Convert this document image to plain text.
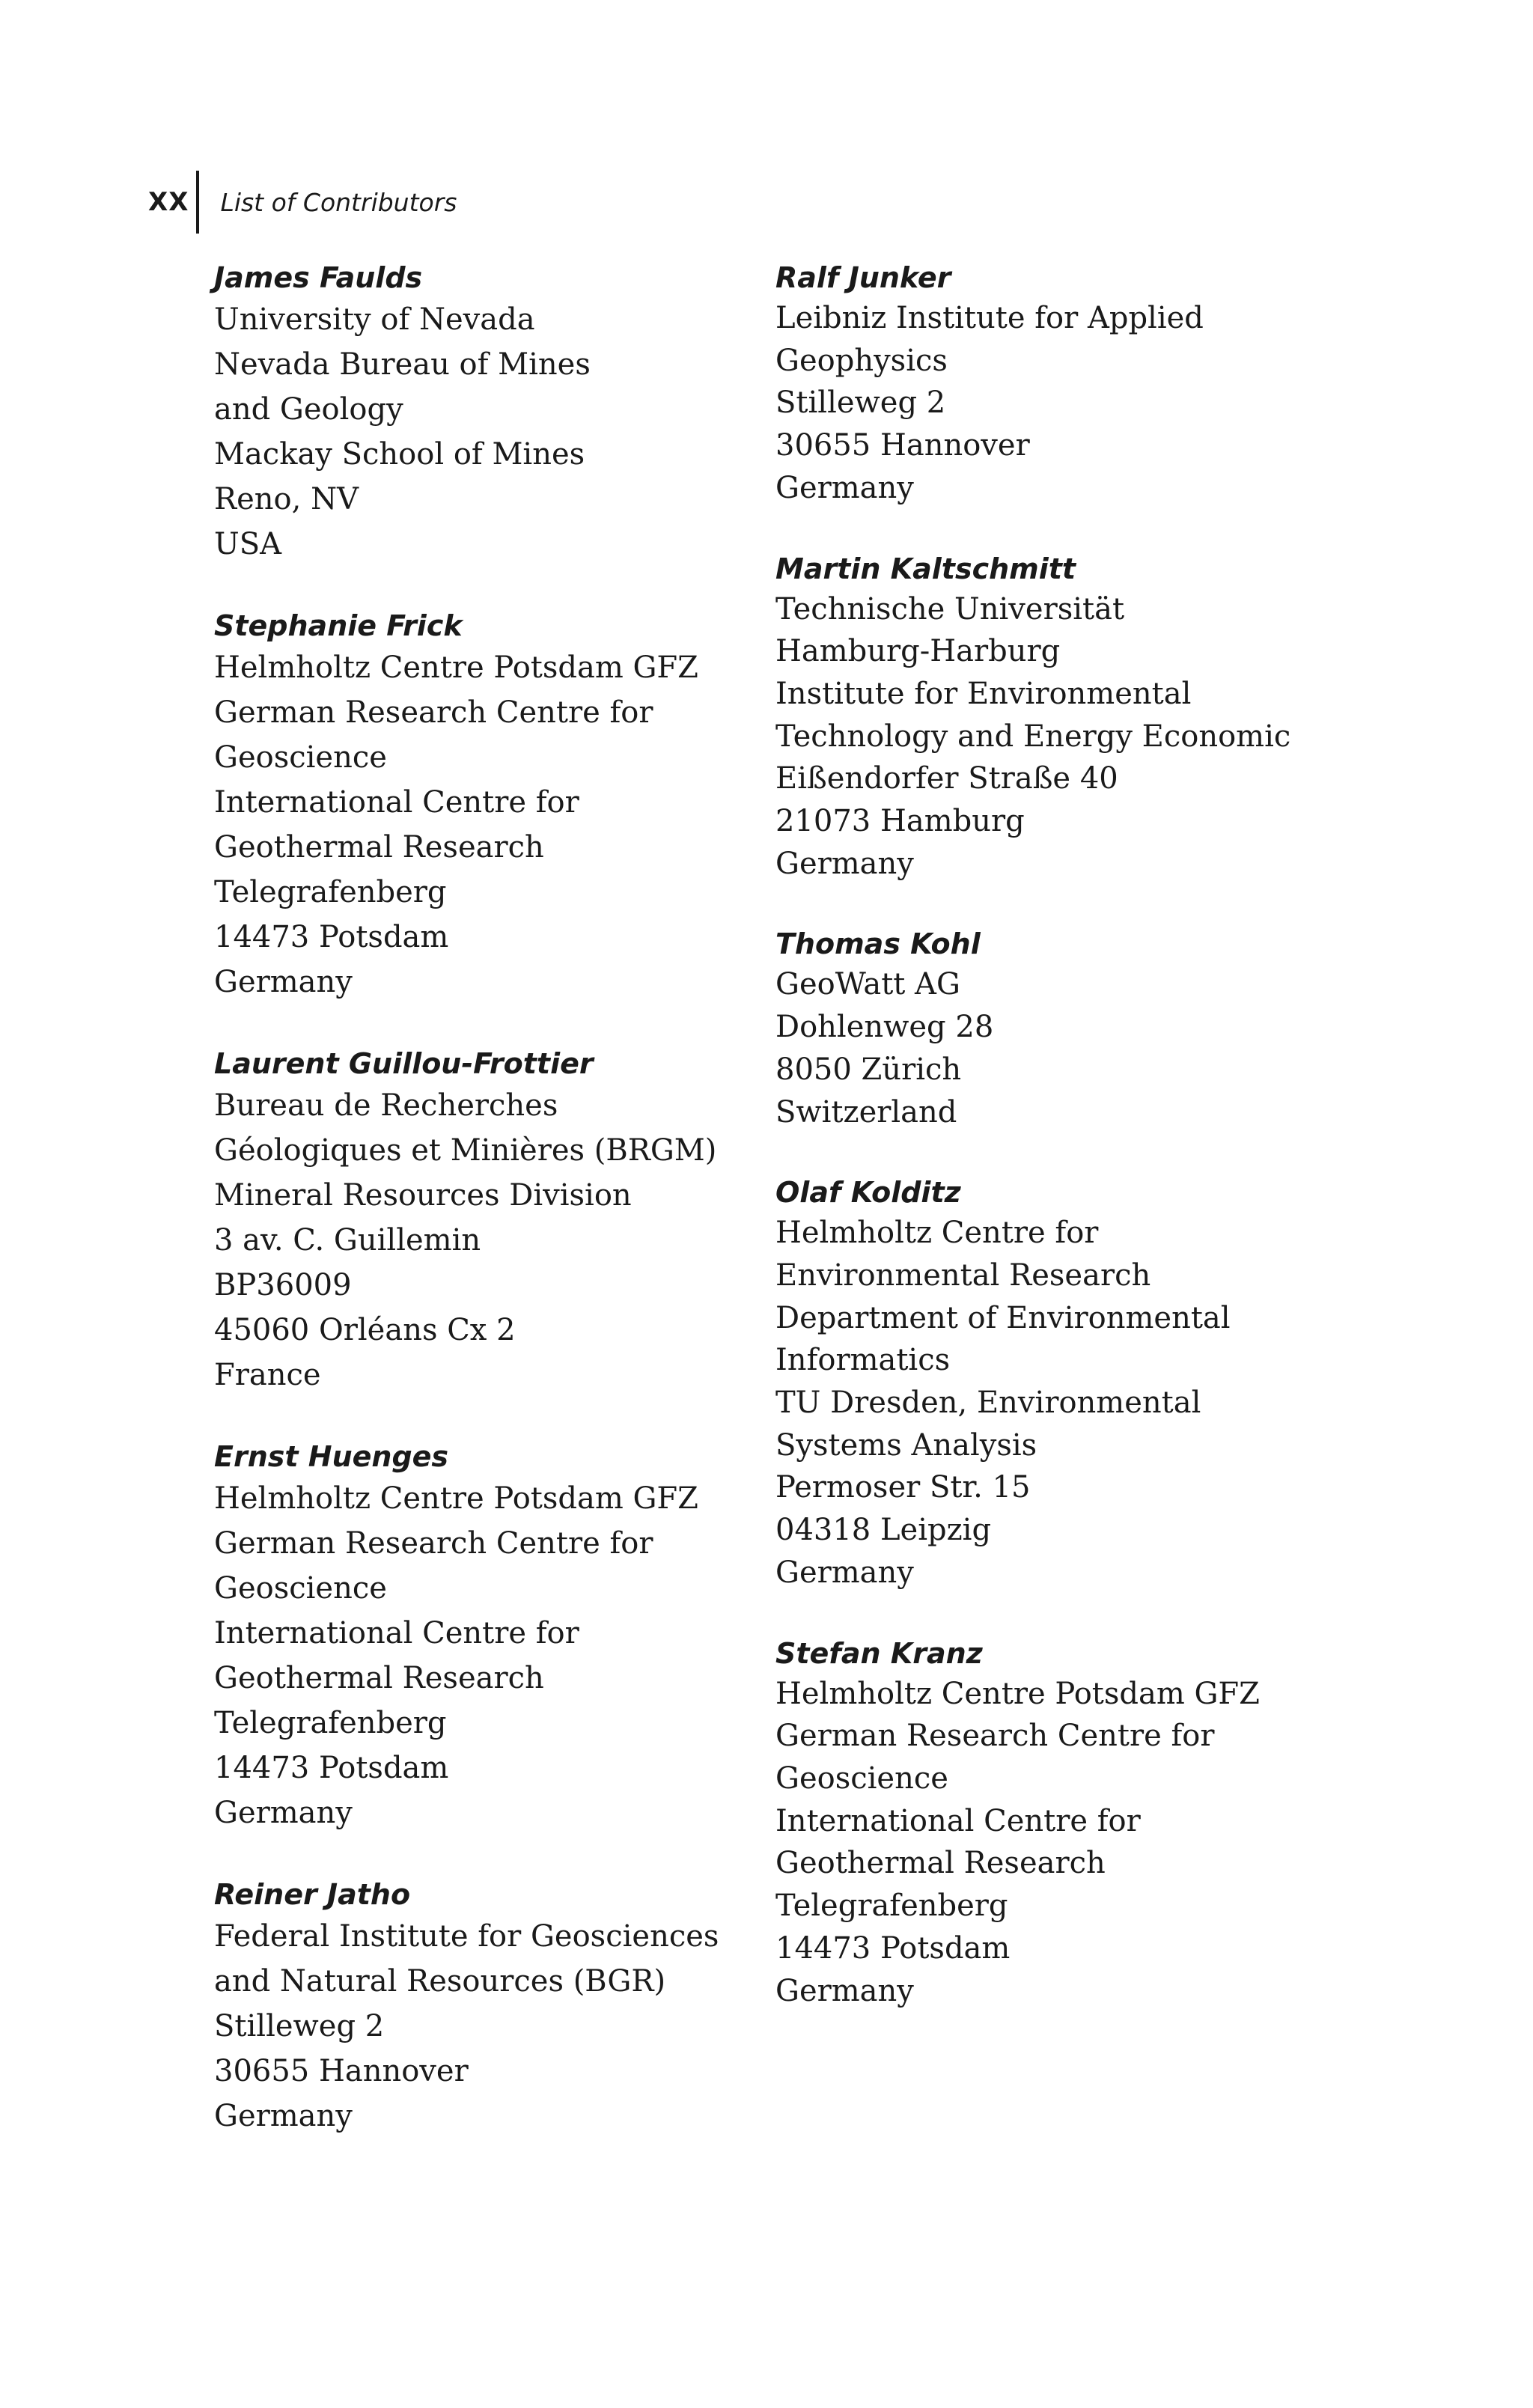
XX List of Contributors
James Faulds
University of Nevada
Nevada Bureau of Mines
and Geology
Mackay School of Mines
Reno, NV
USA
Stephanie Frick
Helmholtz Centre Potsdam GFZ
German Research Centre for
Geoscience
International Centre for
Geothermal Research
Telegrafenberg
14473 Potsdam
Germany
Laurent Guillou-Frottier
Bureau de Recherches
Géologiques et Minières (BRGM)
Mineral Resources Division
3 av. C. Guillemin
BP36009
45060 Orléans Cx 2
France
Ernst Huenges
Helmholtz Centre Potsdam GFZ
German Research Centre for
Geoscience
International Centre for
Geothermal Research
Telegrafenberg
14473 Potsdam
Germany
Reiner Jatho
Federal Institute for Geosciences
and Natural Resources (BGR)
Stilleweg 2
30655 Hannover
Germany
Ralf Junker
Leibniz Institute for Applied
Geophysics
Stilleweg 2
30655 Hannover
Germany
Martin Kaltschmitt
Technische Universität
Hamburg-Harburg
Institute for Environmental
Technology and Energy Economic
Eißendorfer Straße 40
21073 Hamburg
Germany
Thomas Kohl
GeoWatt AG
Dohlenweg 28
8050 Zürich
Switzerland
Olaf Kolditz
Helmholtz Centre for
Environmental Research
Department of Environmental
Informatics
TU Dresden, Environmental
Systems Analysis
Permoser Str. 15
04318 Leipzig
Germany
Stefan Kranz
Helmholtz Centre Potsdam GFZ
German Research Centre for
Geoscience
International Centre for
Geothermal Research
Telegrafenberg
14473 Potsdam
Germany
